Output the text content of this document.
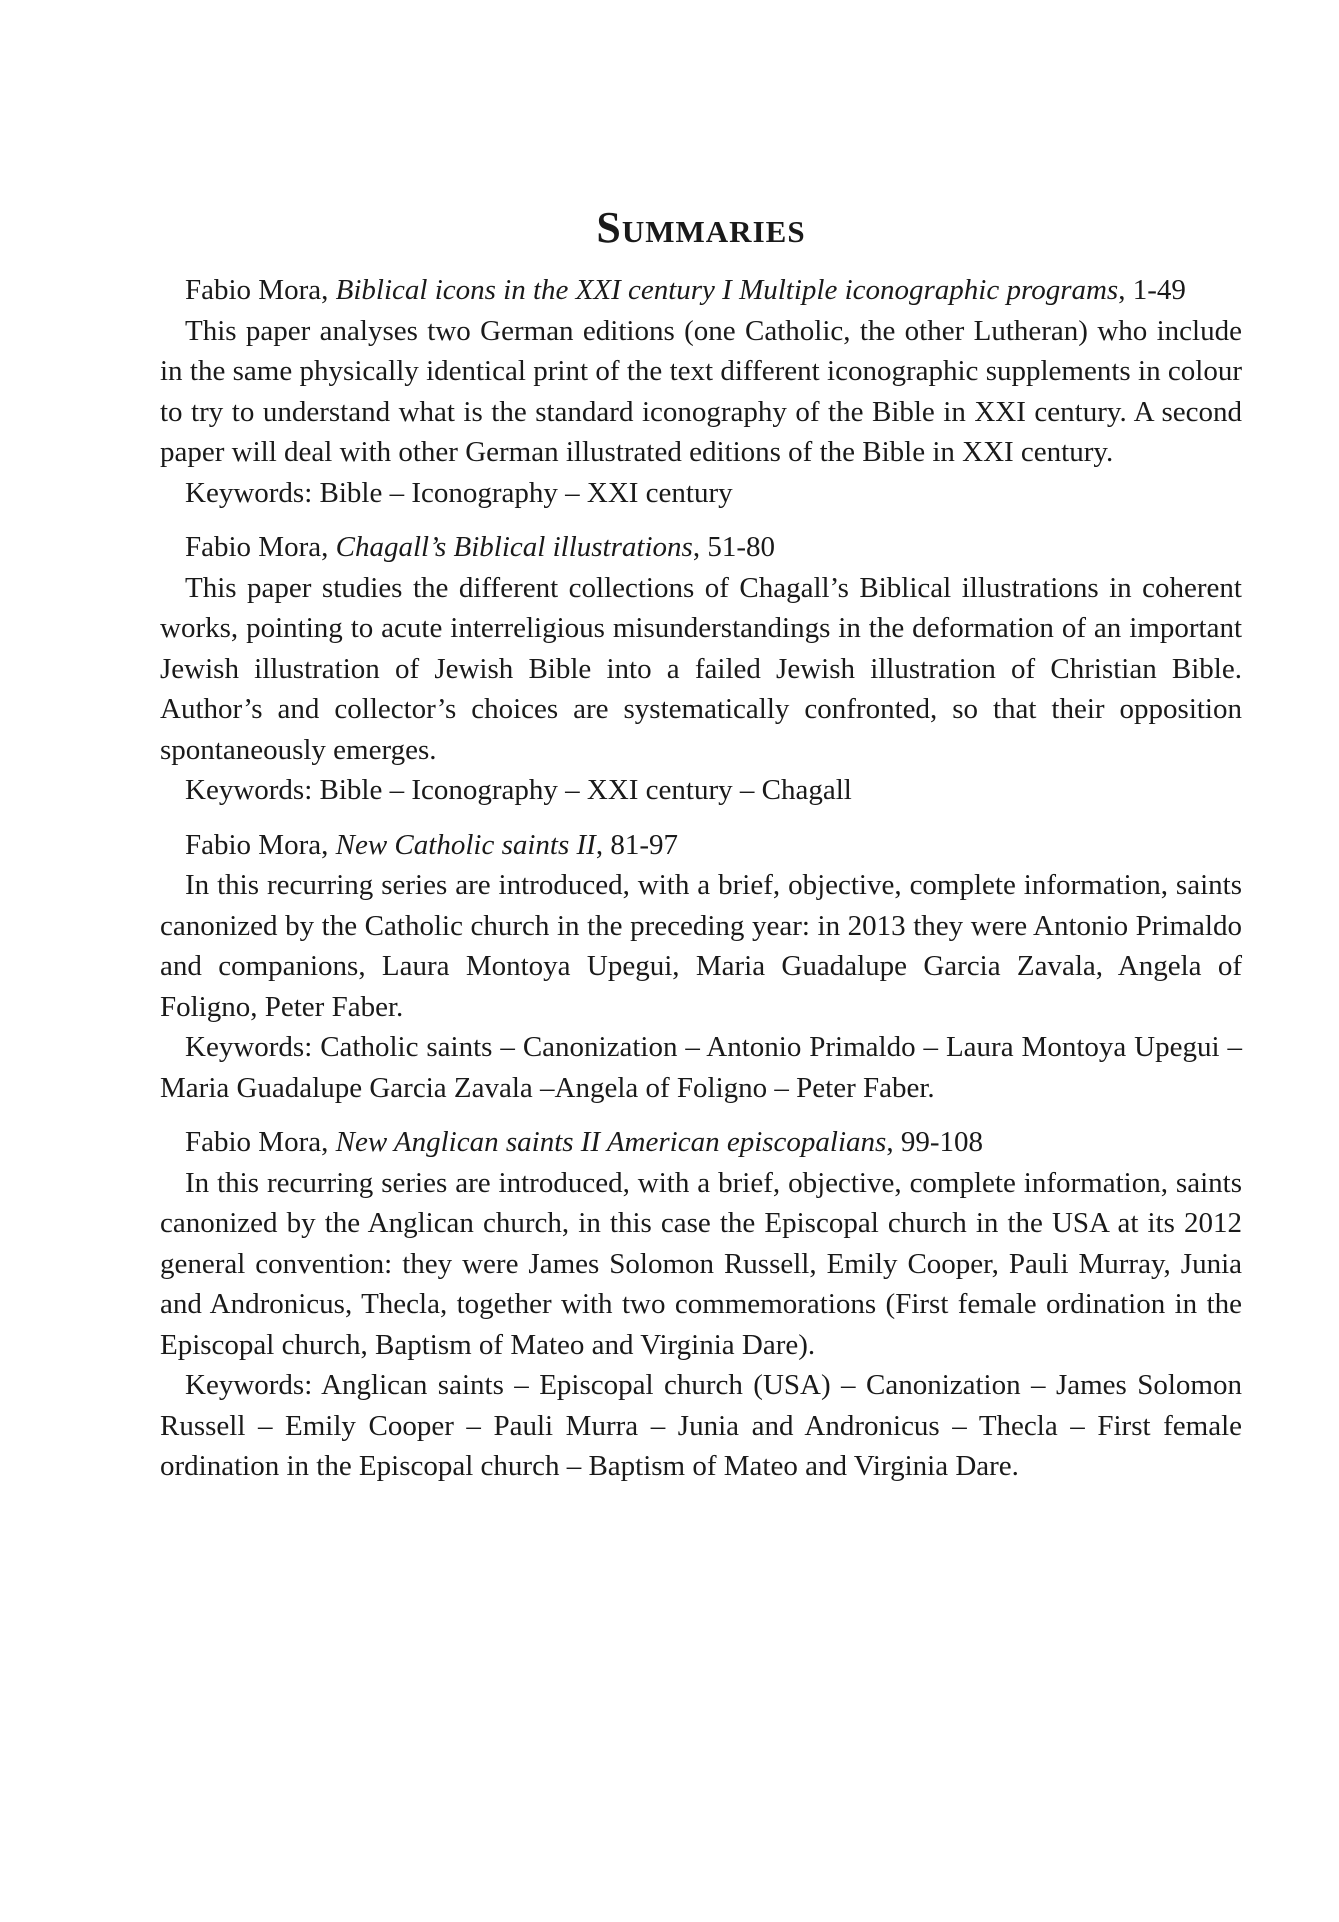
Summaries
Fabio Mora, Biblical icons in the XXI century I Multiple iconographic programs, 1-49

This paper analyses two German editions (one Catholic, the other Lutheran) who include in the same physically identical print of the text different iconographic supplements in colour to try to understand what is the standard iconography of the Bible in XXI century. A second paper will deal with other German illustrated editions of the Bible in XXI century.

Keywords: Bible – Iconography – XXI century

Fabio Mora, Chagall’s Biblical illustrations, 51-80

This paper studies the different collections of Chagall’s Biblical illustrations in coherent works, pointing to acute interreligious misunderstandings in the deformation of an important Jewish illustration of Jewish Bible into a failed Jewish illustration of Christian Bible. Author’s and collector’s choices are systematically confronted, so that their opposition spontaneously emerges.

Keywords: Bible – Iconography – XXI century – Chagall

Fabio Mora, New Catholic saints II, 81-97

In this recurring series are introduced, with a brief, objective, complete information, saints canonized by the Catholic church in the preceding year: in 2013 they were Antonio Primaldo and companions, Laura Montoya Upegui, Maria Guadalupe Garcia Zavala, Angela of Foligno, Peter Faber.

Keywords: Catholic saints – Canonization – Antonio Primaldo – Laura Montoya Upegui – Maria Guadalupe Garcia Zavala –Angela of Foligno – Peter Faber.

Fabio Mora, New Anglican saints II American episcopalians, 99-108

In this recurring series are introduced, with a brief, objective, complete information, saints canonized by the Anglican church, in this case the Episcopal church in the USA at its 2012 general convention: they were James Solomon Russell, Emily Cooper, Pauli Murray, Junia and Andronicus, Thecla, together with two commemorations (First female ordination in the Episcopal church, Baptism of Mateo and Virginia Dare).

Keywords: Anglican saints – Episcopal church (USA) – Canonization – James Solomon Russell – Emily Cooper – Pauli Murra – Junia and Andronicus – Thecla – First female ordination in the Episcopal church – Baptism of Mateo and Virginia Dare.
